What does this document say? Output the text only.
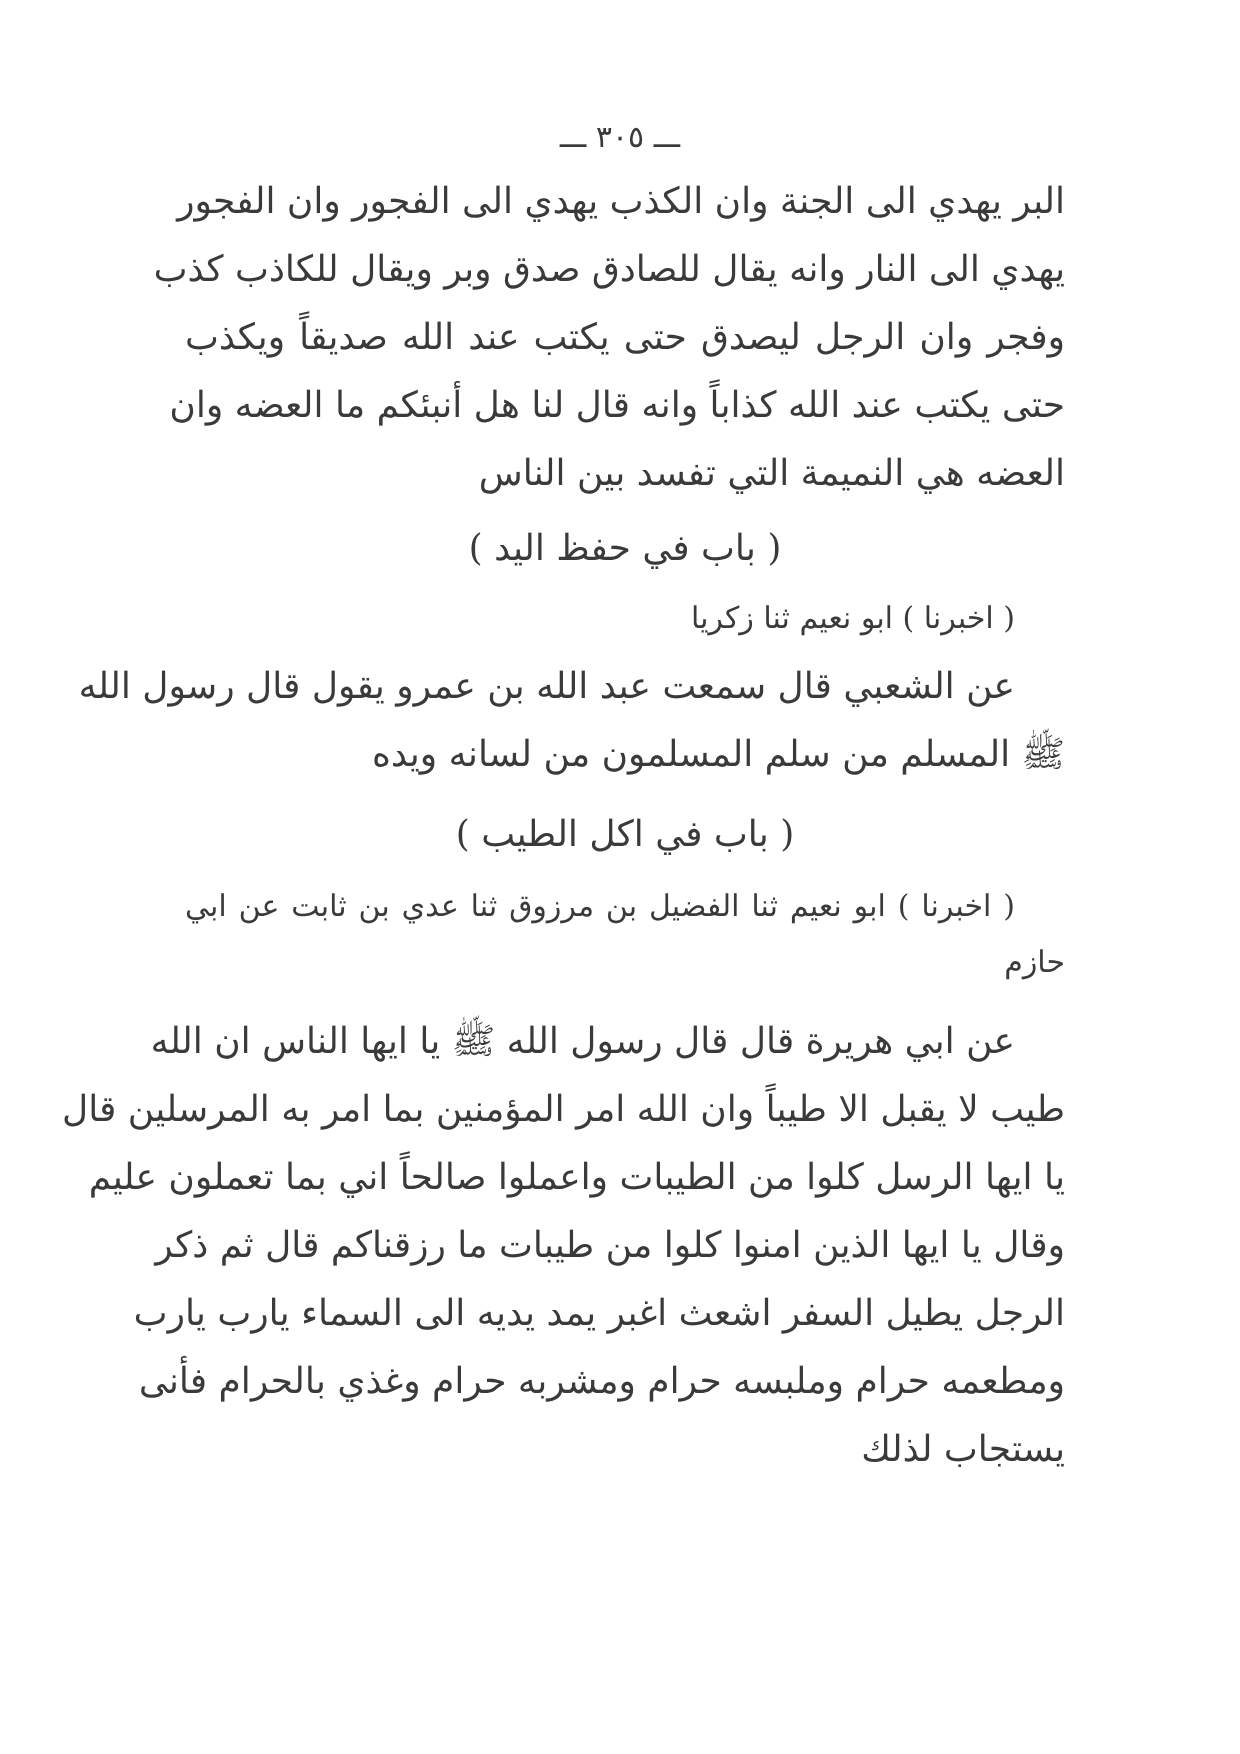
ـــ ٣٠٥ ـــ
البر يهدي الى الجنة وان الكذب يهدي الى الفجور وان الفجور
يهدي الى النار وانه يقال للصادق صدق وبر ويقال للكاذب كذب
وفجر وان الرجل ليصدق حتى يكتب عند الله صديقاً ويكذب
حتى يكتب عند الله كذاباً وانه قال لنا هل أنبئكم ما العضه وان
العضه هي النميمة التي تفسد بين الناس
( باب في حفظ اليد )
( اخبرنا ) ابو نعيم ثنا زكريا
عن الشعبي قال سمعت عبد الله بن عمرو يقول قال رسول الله
ﷺ المسلم من سلم المسلمون من لسانه ويده
( باب في اكل الطيب )
( اخبرنا ) ابو نعيم ثنا الفضيل بن مرزوق ثنا عدي بن ثابت عن ابي
حازم
عن ابي هريرة قال قال رسول الله ﷺ يا ايها الناس ان الله
طيب لا يقبل الا طيباً وان الله امر المؤمنين بما امر به المرسلين قال
يا ايها الرسل كلوا من الطيبات واعملوا صالحاً اني بما تعملون عليم
وقال يا ايها الذين امنوا كلوا من طيبات ما رزقناكم قال ثم ذكر
الرجل يطيل السفر اشعث اغبر يمد يديه الى السماء يارب يارب
ومطعمه حرام وملبسه حرام ومشربه حرام وغذي بالحرام فأنى
يستجاب لذلك
